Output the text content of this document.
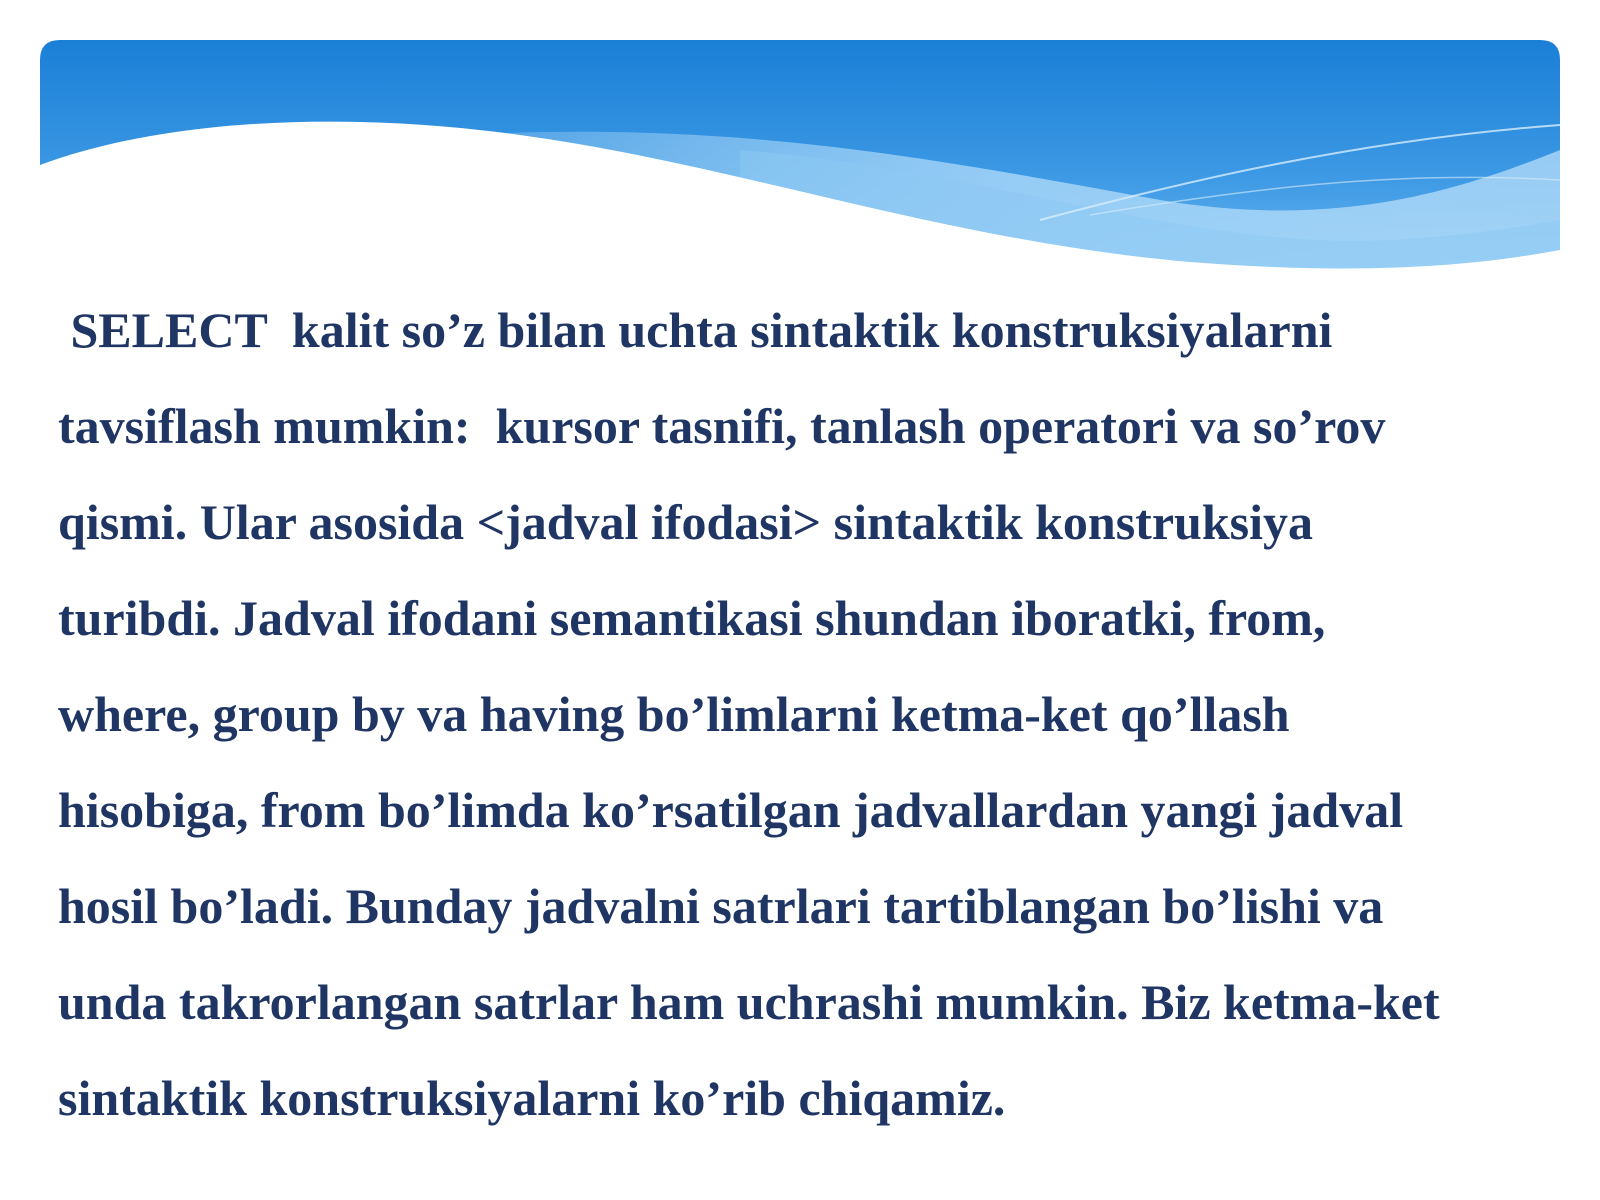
SELECT  kalit so’z bilan uchta sintaktik konstruksiyalarni
tavsiflash mumkin:  kursor tasnifi, tanlash operatori va so’rov
qismi. Ular asosida <jadval ifodasi> sintaktik konstruksiya
turibdi. Jadval ifodani semantikasi shundan iboratki, from,
where, group by va having bo’limlarni ketma-ket qo’llash
hisobiga, from bo’limda ko’rsatilgan jadvallardan yangi jadval
hosil bo’ladi. Bunday jadvalni satrlari tartiblangan bo’lishi va
unda takrorlangan satrlar ham uchrashi mumkin. Biz ketma-ket
sintaktik konstruksiyalarni ko’rib chiqamiz.
